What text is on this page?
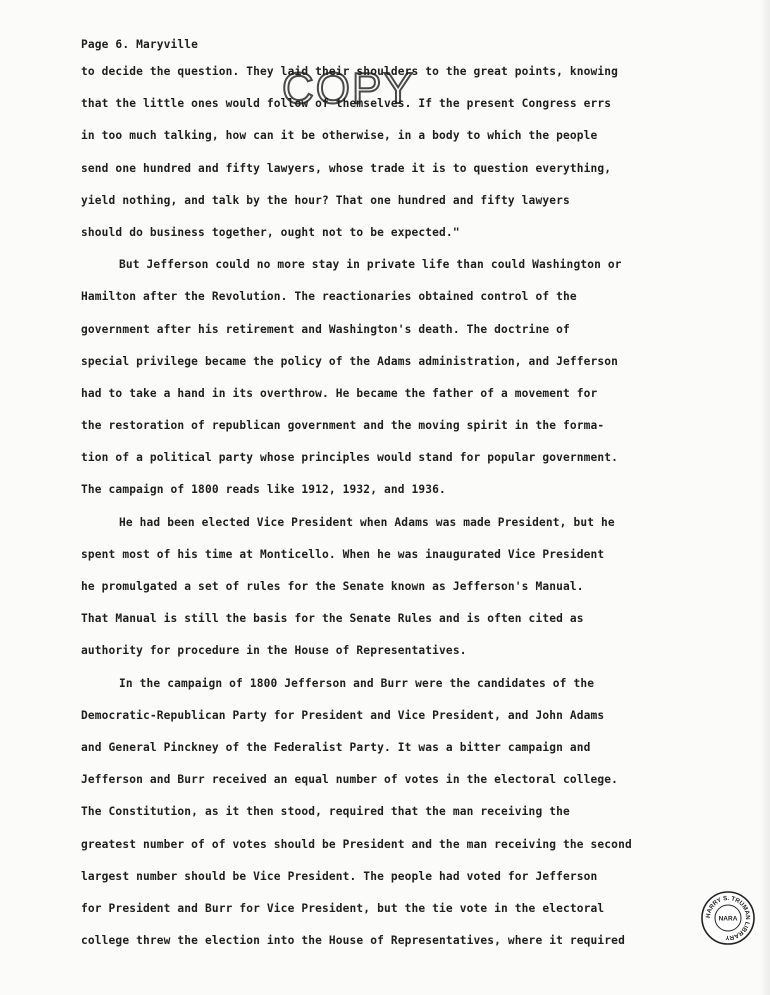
Page 6. Maryville
COPY
to decide the question. They laid their shoulders to the great points, knowing
that the little ones would follow of themselves. If the present Congress errs
in too much talking, how can it be otherwise, in a body to which the people
send one hundred and fifty lawyers, whose trade it is to question everything,
yield nothing, and talk by the hour? That one hundred and fifty lawyers
should do business together, ought not to be expected."
But Jefferson could no more stay in private life than could Washington or
Hamilton after the Revolution. The reactionaries obtained control of the
government after his retirement and Washington's death. The doctrine of
special privilege became the policy of the Adams administration, and Jefferson
had to take a hand in its overthrow. He became the father of a movement for
the restoration of republican government and the moving spirit in the forma-
tion of a political party whose principles would stand for popular government.
The campaign of 1800 reads like 1912, 1932, and 1936.
He had been elected Vice President when Adams was made President, but he
spent most of his time at Monticello. When he was inaugurated Vice President
he promulgated a set of rules for the Senate known as Jefferson's Manual.
That Manual is still the basis for the Senate Rules and is often cited as
authority for procedure in the House of Representatives.
In the campaign of 1800 Jefferson and Burr were the candidates of the
Democratic-Republican Party for President and Vice President, and John Adams
and General Pinckney of the Federalist Party. It was a bitter campaign and
Jefferson and Burr received an equal number of votes in the electoral college.
The Constitution, as it then stood, required that the man receiving the
greatest number of of votes should be President and the man receiving the second
largest number should be Vice President. The people had voted for Jefferson
for President and Burr for Vice President, but the tie vote in the electoral
college threw the election into the House of Representatives, where it required
HARRY S. TRUMAN LIBRARY
NARA
